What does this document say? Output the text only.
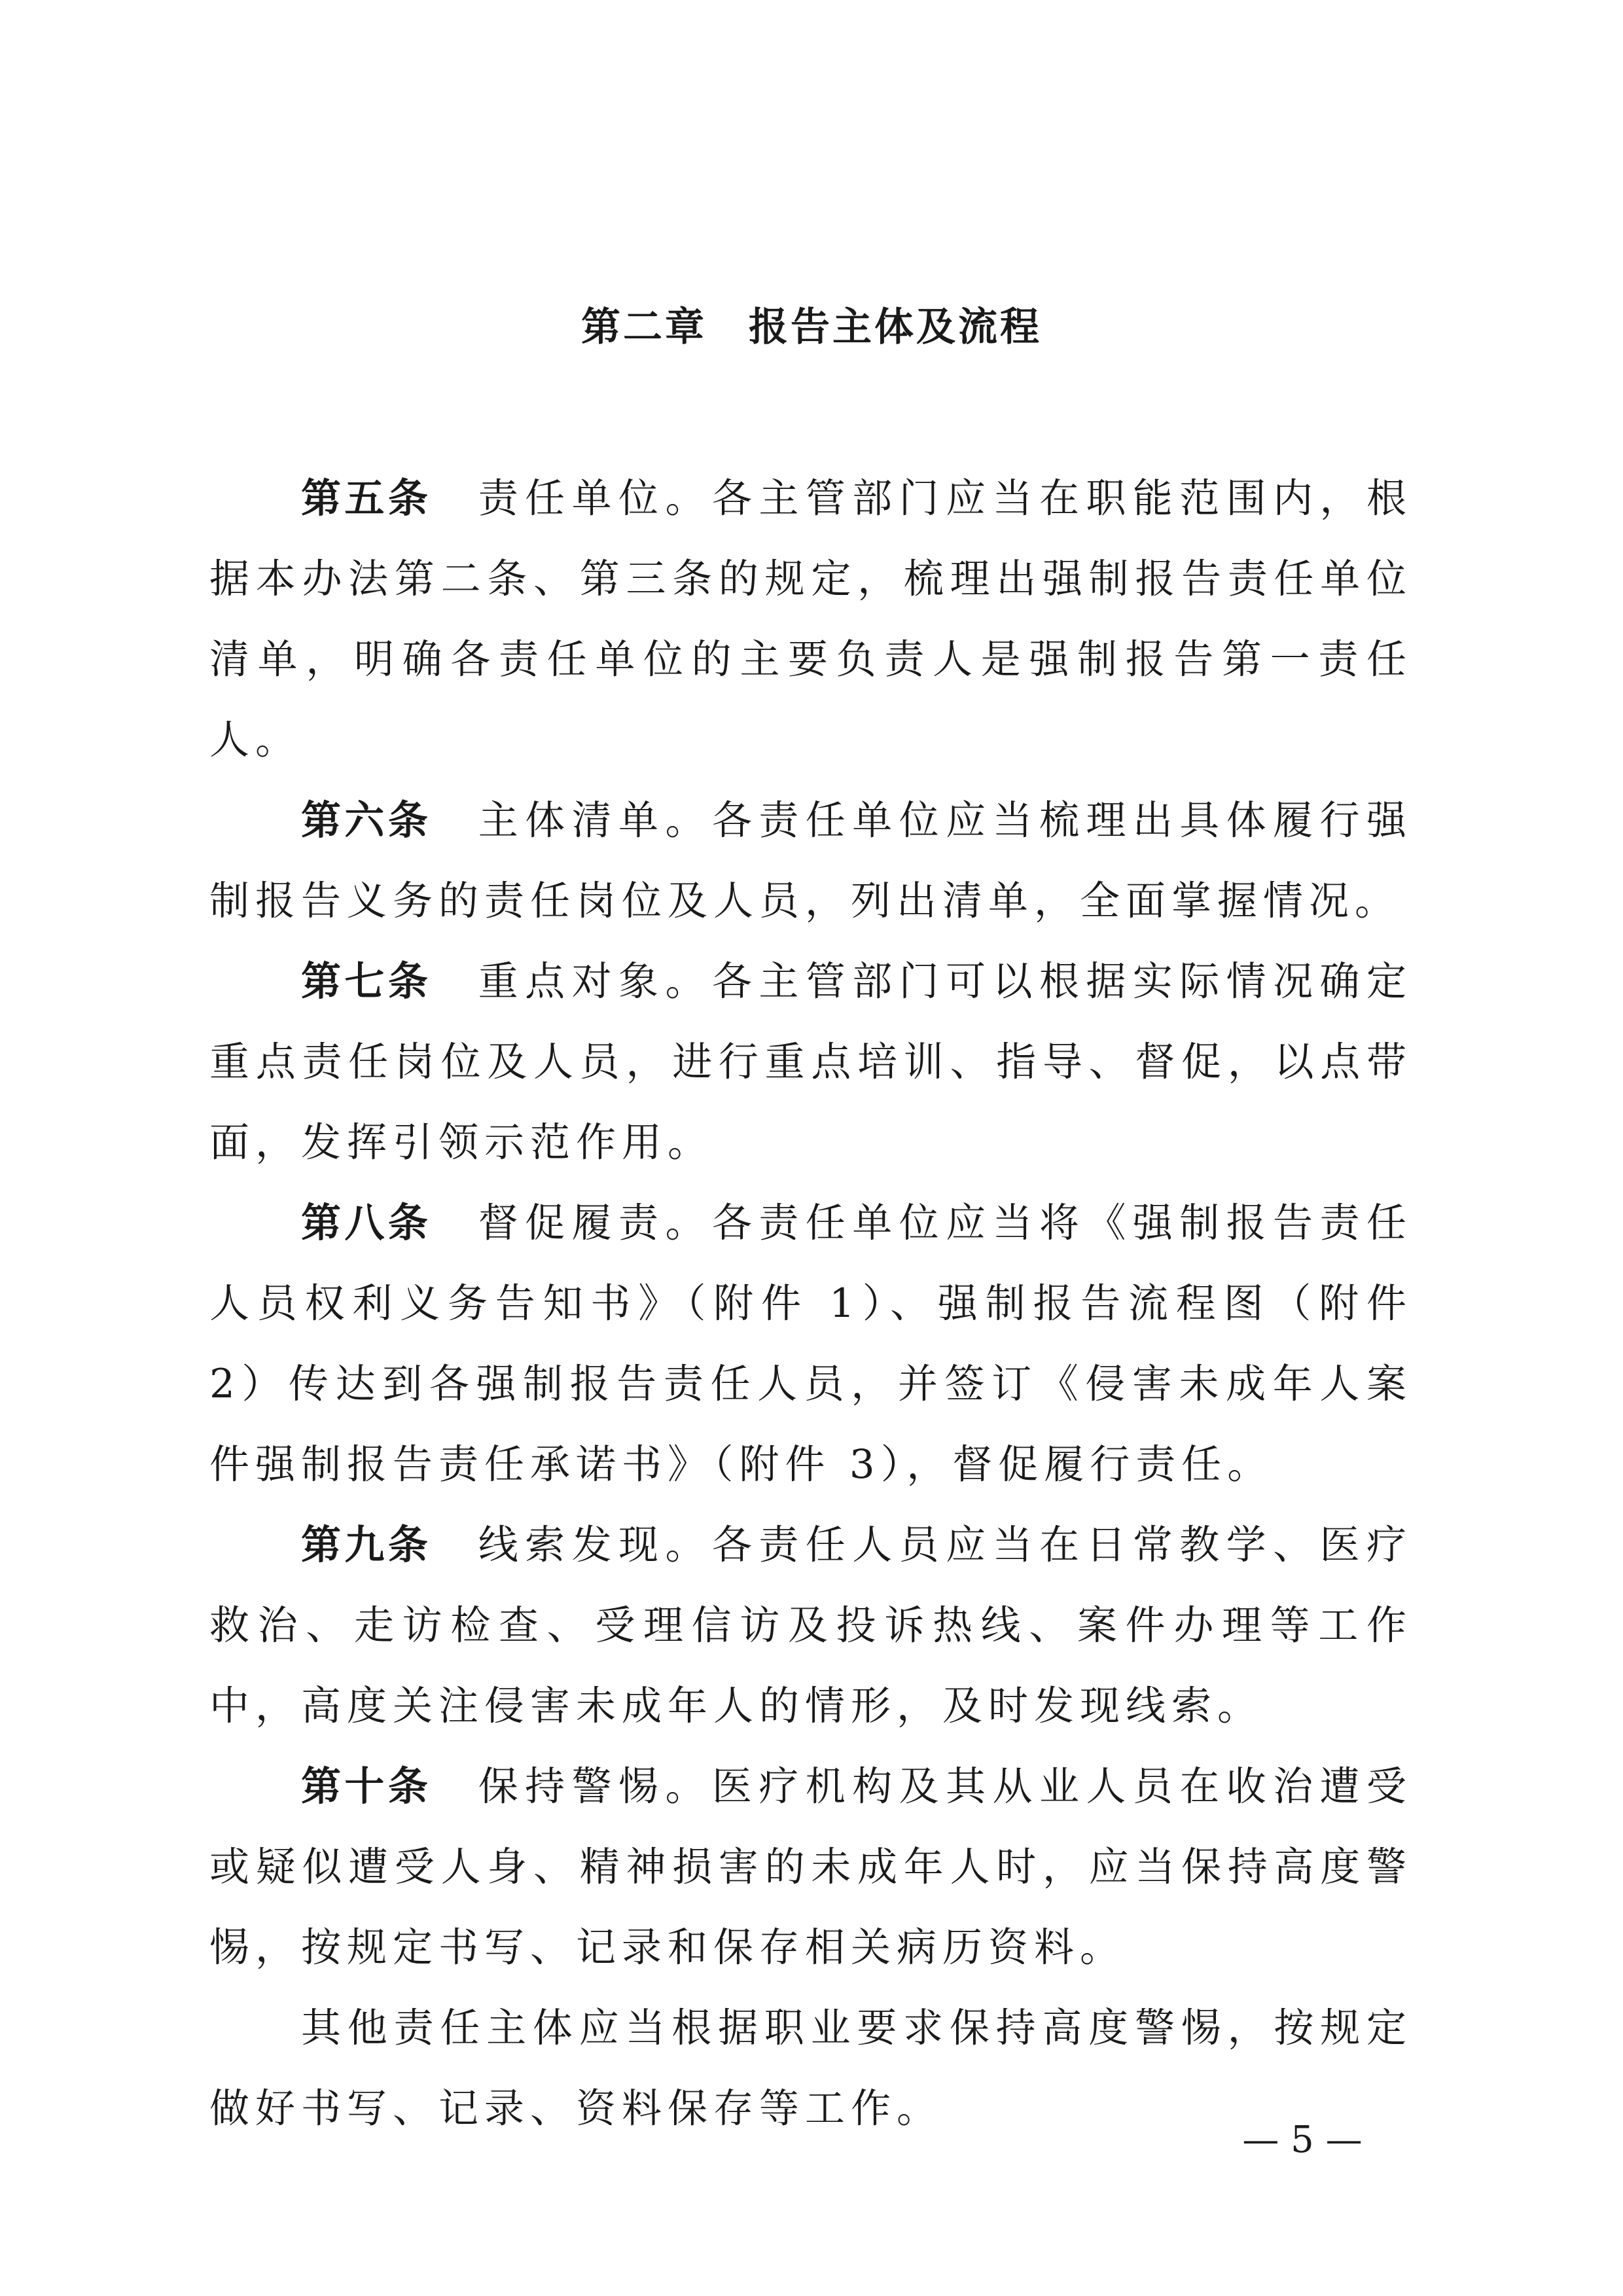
第二章　报告主体及流程

第五条 责任单位。各主管部门应当在职能范围内，根据本办法第二条、第三条的规定，梳理出强制报告责任单位清单，明确各责任单位的主要负责人是强制报告第一责任人。

第六条 主体清单。各责任单位应当梳理出具体履行强制报告义务的责任岗位及人员，列出清单，全面掌握情况。

第七条 重点对象。各主管部门可以根据实际情况确定重点责任岗位及人员，进行重点培训、指导、督促，以点带面，发挥引领示范作用。

第八条 督促履责。各责任单位应当将《强制报告责任人员权利义务告知书》（附件 1）、强制报告流程图（附件 2）传达到各强制报告责任人员，并签订《侵害未成年人案件强制报告责任承诺书》（附件 3），督促履行责任。

第九条 线索发现。各责任人员应当在日常教学、医疗救治、走访检查、受理信访及投诉热线、案件办理等工作中，高度关注侵害未成年人的情形，及时发现线索。

第十条 保持警惕。医疗机构及其从业人员在收治遭受或疑似遭受人身、精神损害的未成年人时，应当保持高度警惕，按规定书写、记录和保存相关病历资料。

其他责任主体应当根据职业要求保持高度警惕，按规定做好书写、记录、资料保存等工作。

— 5 —
